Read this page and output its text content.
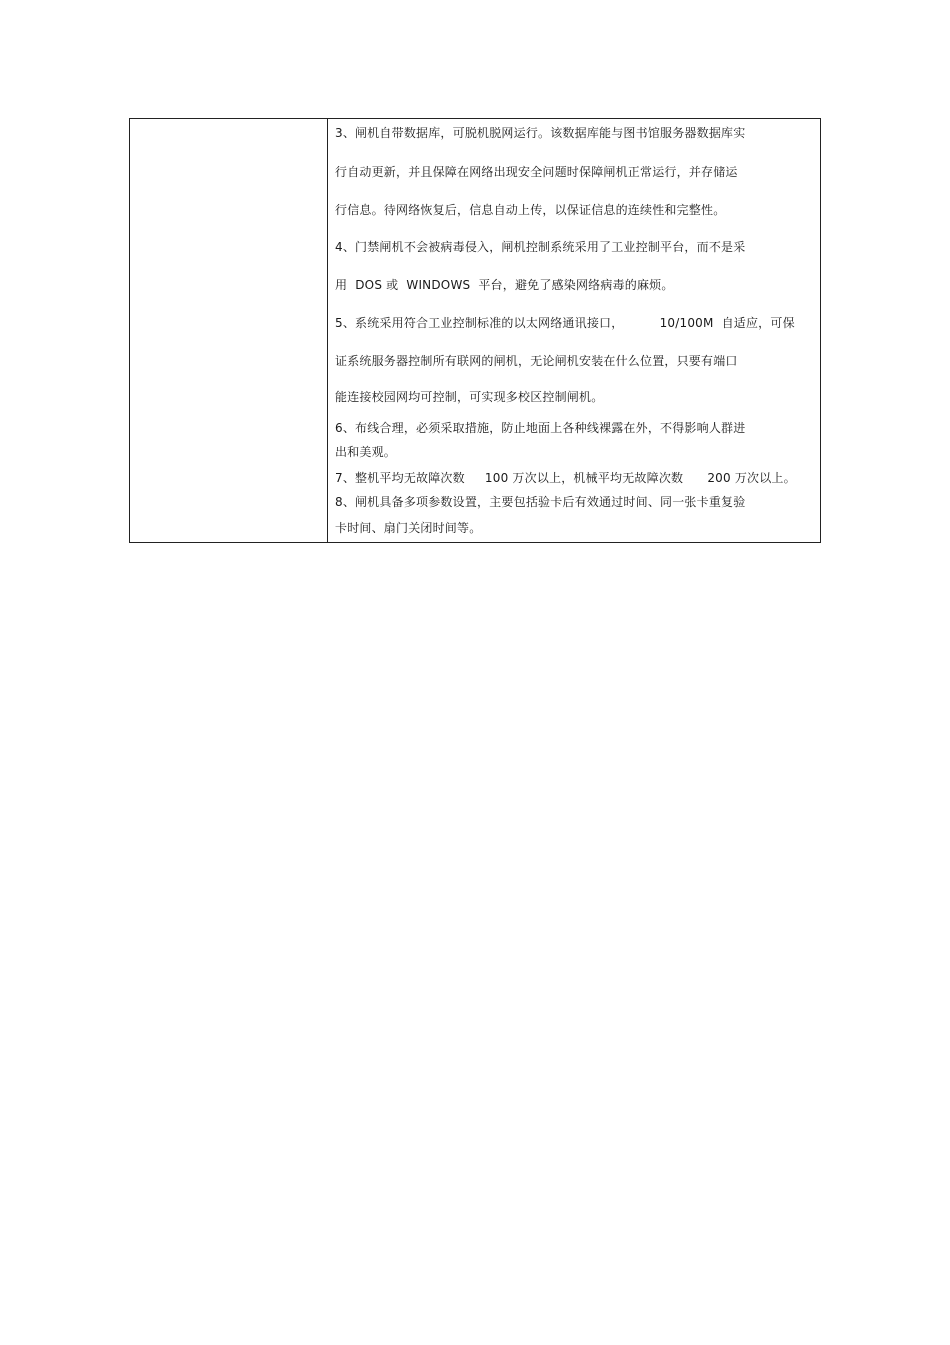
3、闸机自带数据库，可脱机脱网运行。该数据库能与图书馆服务器数据库实
行自动更新，并且保障在网络出现安全问题时保障闸机正常运行，并存储运
行信息。待网络恢复后，信息自动上传，以保证信息的连续性和完整性。
4、门禁闸机不会被病毒侵入，闸机控制系统采用了工业控制平台，而不是采
用  DOS 或  WINDOWS  平台，避免了感染网络病毒的麻烦。
5、系统采用符合工业控制标准的以太网络通讯接口，         10/100M  自适应，可保
证系统服务器控制所有联网的闸机，无论闸机安装在什么位置，只要有端口
能连接校园网均可控制，可实现多校区控制闸机。
6、布线合理，必须采取措施，防止地面上各种线裸露在外，不得影响人群进
出和美观。
7、整机平均无故障次数     100 万次以上，机械平均无故障次数      200 万次以上。
8、闸机具备多项参数设置，主要包括验卡后有效通过时间、同一张卡重复验
卡时间、扇门关闭时间等。
